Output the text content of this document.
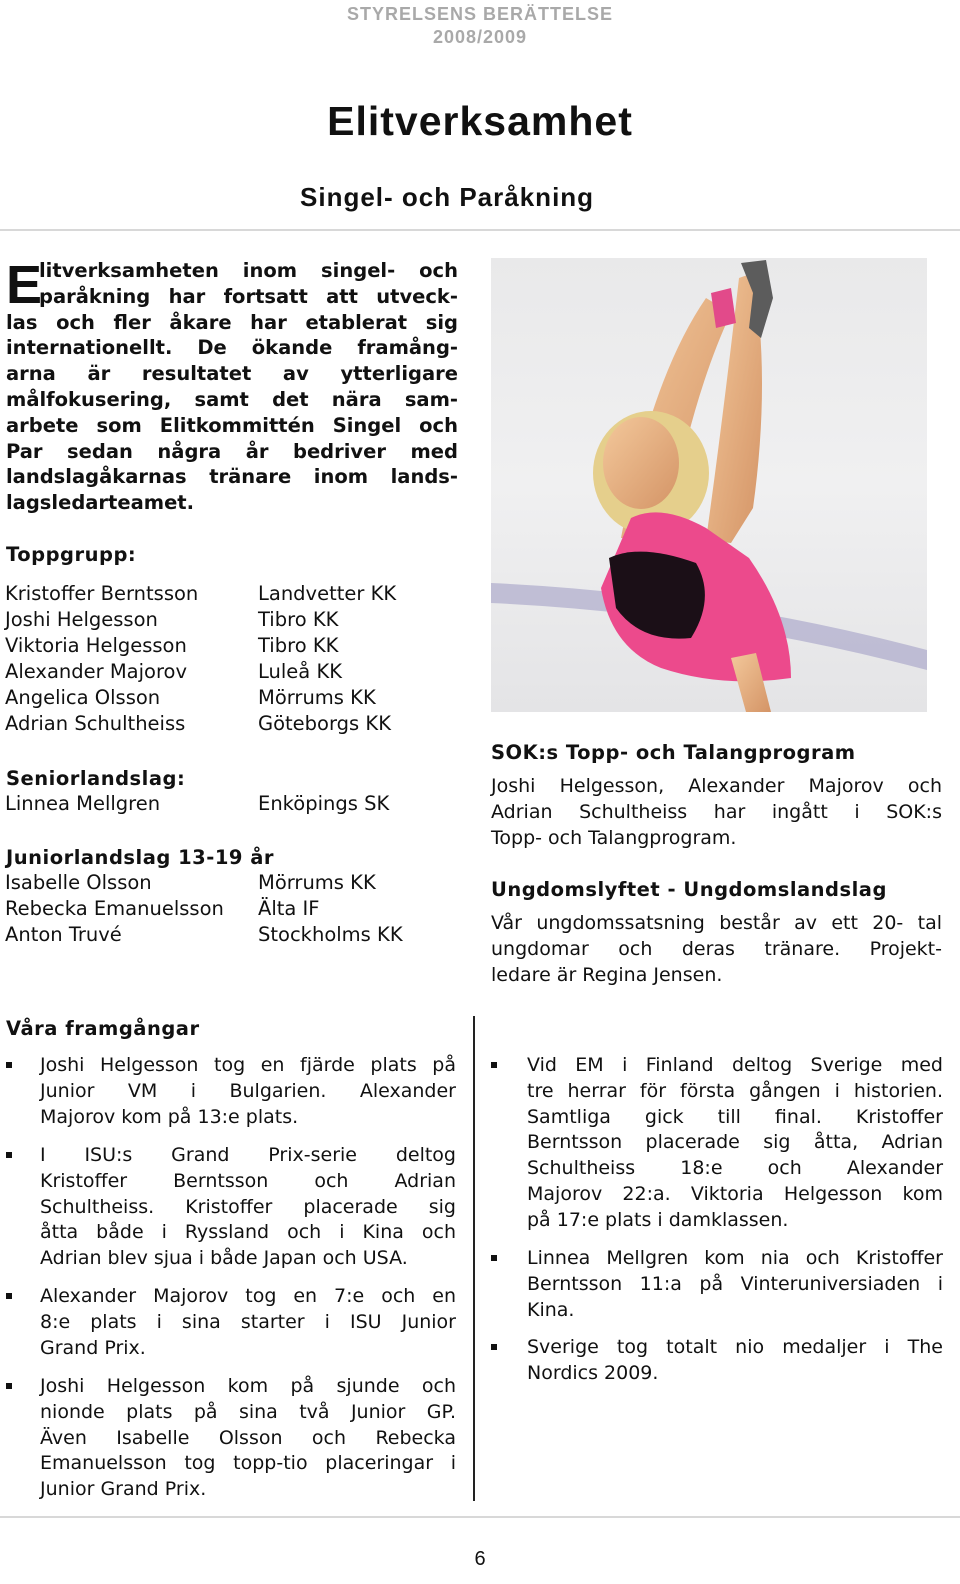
STYRELSENS BERÄTTELSE
2008/2009
Elitverksamhet
Singel- och Paråkning
E
litverksamheten inom singel- och
paråkning har fortsatt att utveck-
las och fler åkare har etablerat sig
internationellt. De ökande framång-
arna är resultatet av ytterligare
målfokusering, samt det nära sam-
arbete som Elitkommittén Singel och
Par sedan några år bedriver med
landslagåkarnas tränare inom lands-
lagsledarteamet.
Toppgrupp:
Kristoffer Berntsson	Landvetter KK
Joshi Helgesson	Tibro KK
Viktoria Helgesson	Tibro KK
Alexander Majorov	Luleå KK
Angelica Olsson	Mörrums KK
Adrian Schultheiss	Göteborgs KK
Seniorlandslag:
Linnea Mellgren	Enköpings SK
Juniorlandslag 13-19 år
Isabelle Olsson	Mörrums KK
Rebecka Emanuelsson Älta IF
Anton Truvé	Stockholms KK
SOK:s Topp- och Talangprogram
Joshi Helgesson, Alexander Majorov och
Adrian Schultheiss har ingått i SOK:s
Topp- och Talangprogram.
Ungdomslyftet - Ungdomslandslag
Vår ungdomssatsning består av ett 20- tal
ungdomar och deras tränare. Projekt-
ledare är Regina Jensen.
Våra framgångar
Joshi Helgesson tog en fjärde plats på
Junior VM i Bulgarien. Alexander
Majorov kom på 13:e plats.
I ISU:s Grand Prix-serie deltog
Kristoffer Berntsson och Adrian
Schultheiss. Kristoffer placerade sig
åtta både i Ryssland och i Kina och
Adrian blev sjua i både Japan och USA.
Alexander Majorov tog en 7:e och en
8:e plats i sina starter i ISU Junior
Grand Prix.
Joshi Helgesson kom på sjunde och
nionde plats på sina två Junior GP.
Även Isabelle Olsson och Rebecka
Emanuelsson tog topp-tio placeringar i
Junior Grand Prix.
Vid EM i Finland deltog Sverige med
tre herrar för första gången i historien.
Samtliga gick till final. Kristoffer
Berntsson placerade sig åtta, Adrian
Schultheiss 18:e och Alexander
Majorov 22:a. Viktoria Helgesson kom
på 17:e plats i damklassen.
Linnea Mellgren kom nia och Kristoffer
Berntsson 11:a på Vinteruniversiaden i
Kina.
Sverige tog totalt nio medaljer i The
Nordics 2009.
6
